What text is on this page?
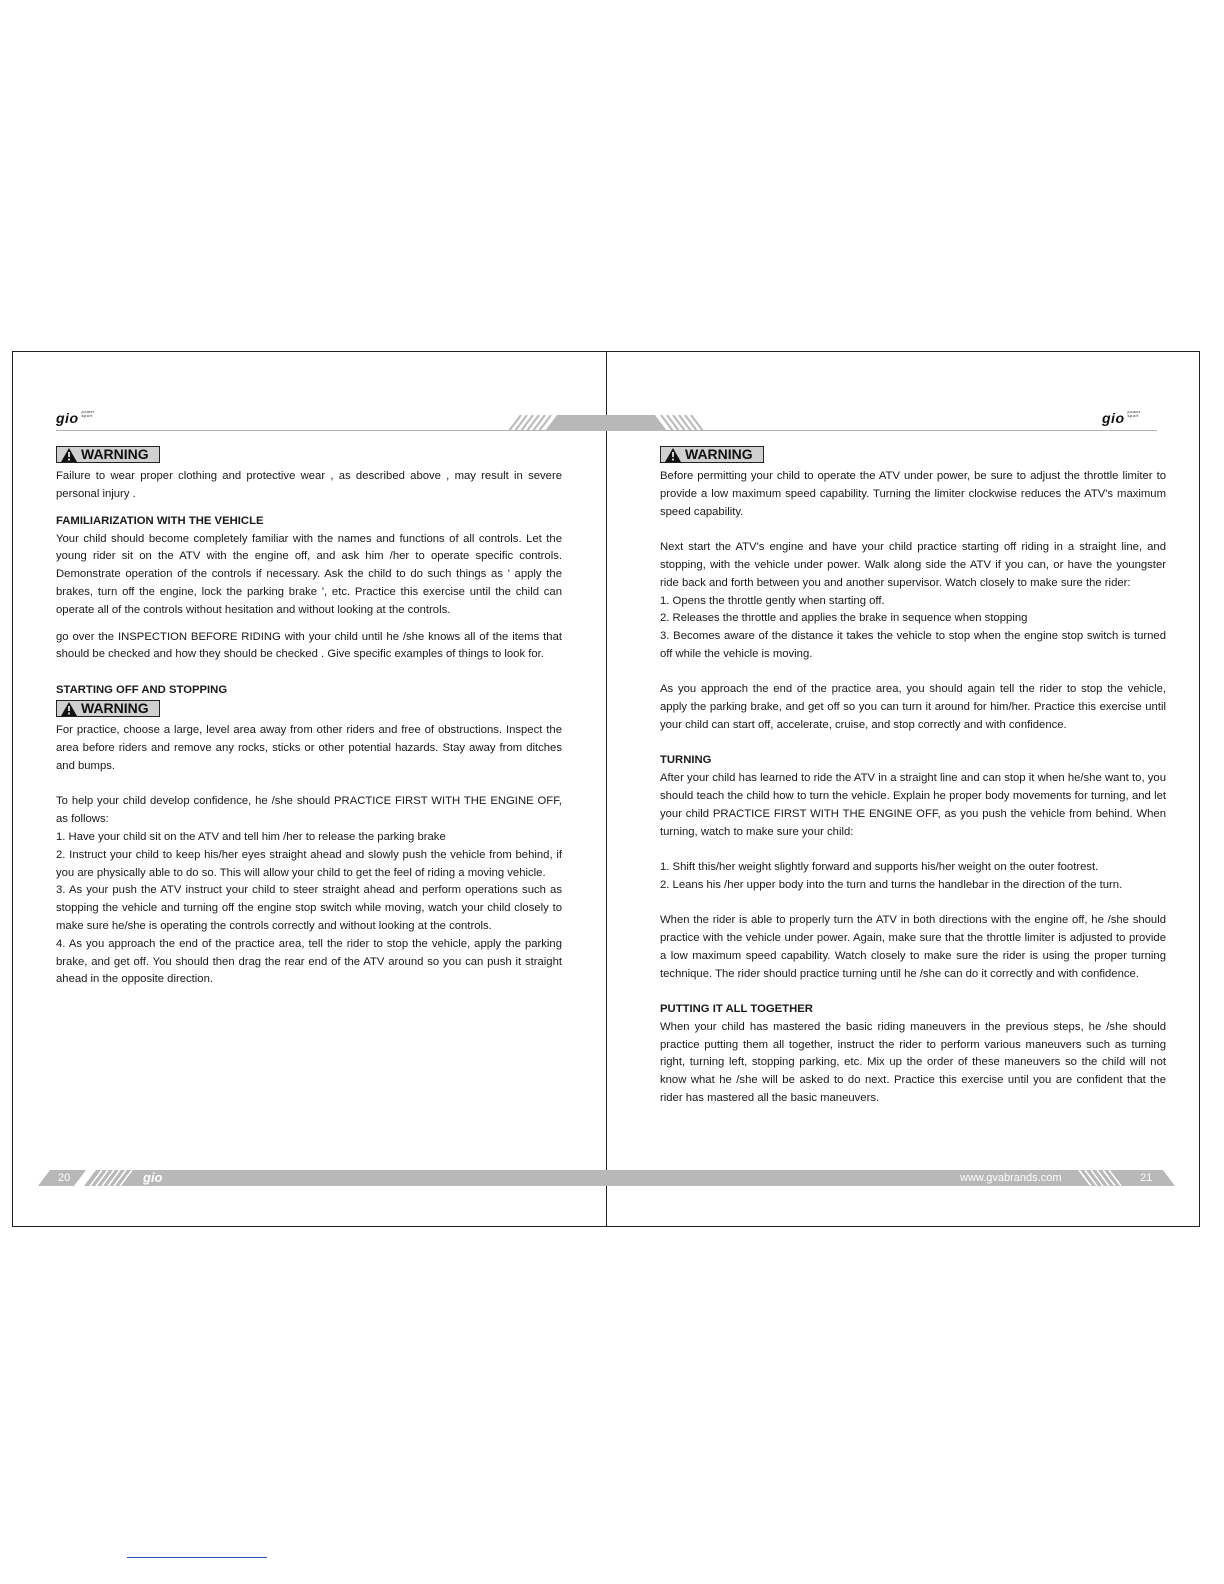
gio power sport	gio power sport
WARNING

Failure to wear proper clothing and protective wear , as described above , may result in severe personal injury .

FAMILIARIZATION WITH THE VEHICLE

Your child should become completely familiar with the names and functions of all controls. Let the young rider sit on the ATV with the engine off, and ask him /her to operate specific controls. Demonstrate operation of the controls if necessary. Ask the child to do such things as ' apply the brakes, turn off the engine, lock the parking brake ', etc. Practice this exercise until the child can operate all of the controls without hesitation and without looking at the controls.

go over the INSPECTION BEFORE RIDING with your child until he /she knows all of the items that should be checked and how they should be checked . Give specific examples of things to look for.

STARTING OFF AND STOPPING
WARNING

For practice, choose a large, level area away from other riders and free of obstructions. Inspect the area before riders and remove any rocks, sticks or other potential hazards. Stay away from ditches and bumps.

To help your child develop confidence, he /she should PRACTICE FIRST WITH THE ENGINE OFF, as follows:

1. Have your child sit on the ATV and tell him /her to release the parking brake

2. Instruct your child to keep his/her eyes straight ahead and slowly push the vehicle from behind, if you are physically able to do so. This will allow your child to get the feel of riding a moving vehicle.

3. As your push the ATV instruct your child to steer straight ahead and perform operations such as stopping the vehicle and turning off the engine stop switch while moving, watch your child closely to make sure he/she is operating the controls correctly and without looking at the controls.

4. As you approach the end of the practice area, tell the rider to stop the vehicle, apply the parking brake, and get off. You should then drag the rear end of the ATV around so you can push it straight ahead in the opposite direction.

WARNING

Before permitting your child to operate the ATV under power, be sure to adjust the throttle limiter to provide a low maximum speed capability. Turning the limiter clockwise reduces the ATV's maximum speed capability.

Next start the ATV's engine and have your child practice starting off riding in a straight line, and stopping, with the vehicle under power. Walk along side the ATV if you can, or have the youngster ride back and forth between you and another supervisor. Watch closely to make sure the rider:

1. Opens the throttle gently when starting off.

2. Releases the throttle and applies the brake in sequence when stopping

3. Becomes aware of the distance it takes the vehicle to stop when the engine stop switch is turned off while the vehicle is moving.

As you approach the end of the practice area, you should again tell the rider to stop the vehicle, apply the parking brake, and get off so you can turn it around for him/her. Practice this exercise until your child can start off, accelerate, cruise, and stop correctly and with confidence.

TURNING

After your child has learned to ride the ATV in a straight line and can stop it when he/she want to, you should teach the child how to turn the vehicle. Explain he proper body movements for turning, and let your child PRACTICE FIRST WITH THE ENGINE OFF, as you push the vehicle from behind. When turning, watch to make sure your child:

1. Shift this/her weight slightly forward and supports his/her weight on the outer footrest.

2. Leans his /her upper body into the turn and turns the handlebar in the direction of the turn.

When the rider is able to properly turn the ATV in both directions with the engine off, he /she should practice with the vehicle under power. Again, make sure that the throttle limiter is adjusted to provide a low maximum speed capability. Watch closely to make sure the rider is using the proper turning technique. The rider should practice turning until he /she can do it correctly and with confidence.

PUTTING IT ALL TOGETHER

When your child has mastered the basic riding maneuvers in the previous steps, he /she should practice putting them all together, instruct the rider to perform various maneuvers such as turning right, turning left, stopping parking, etc. Mix up the order of these maneuvers so the child will not know what he /she will be asked to do next. Practice this exercise until you are confident that the rider has mastered all the basic maneuvers.

20	gio	www.gvabrands.com	21
